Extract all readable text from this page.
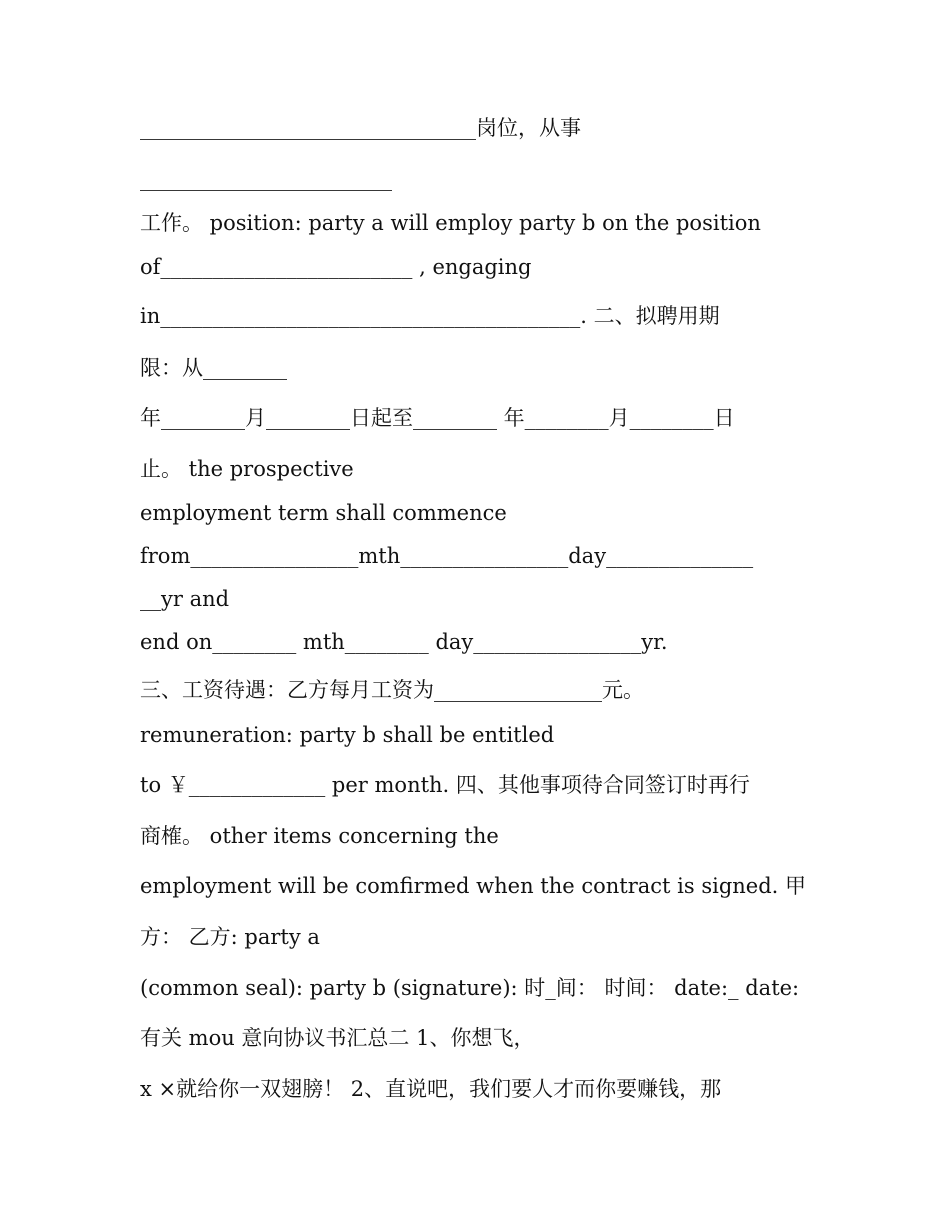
________________________________岗位，从事
________________________
工作。 position: party a will employ party b on the position
of________________________ , engaging
in________________________________________. 二、拟聘用期
限：从________
年________月________日起至________ 年________月________日
止。 the prospective
employment term shall commence
from________________mth________________day______________
__yr and
end on________ mth________ day________________yr.
三、工资待遇：乙方每月工资为________________元。
remuneration: party b shall be entitled
to ￥_____________ per month. 四、其他事项待合同签订时再行
商榷。 other items concerning the
employment will be comfirmed when the contract is signed. 甲
方： 乙方: party a
(common seal): party b (signature): 时_间： 时间： date:_ date:
有关 mou 意向协议书汇总二 1、你想飞，
x ×就给你一双翅膀！ 2、直说吧，我们要人才而你要赚钱，那
